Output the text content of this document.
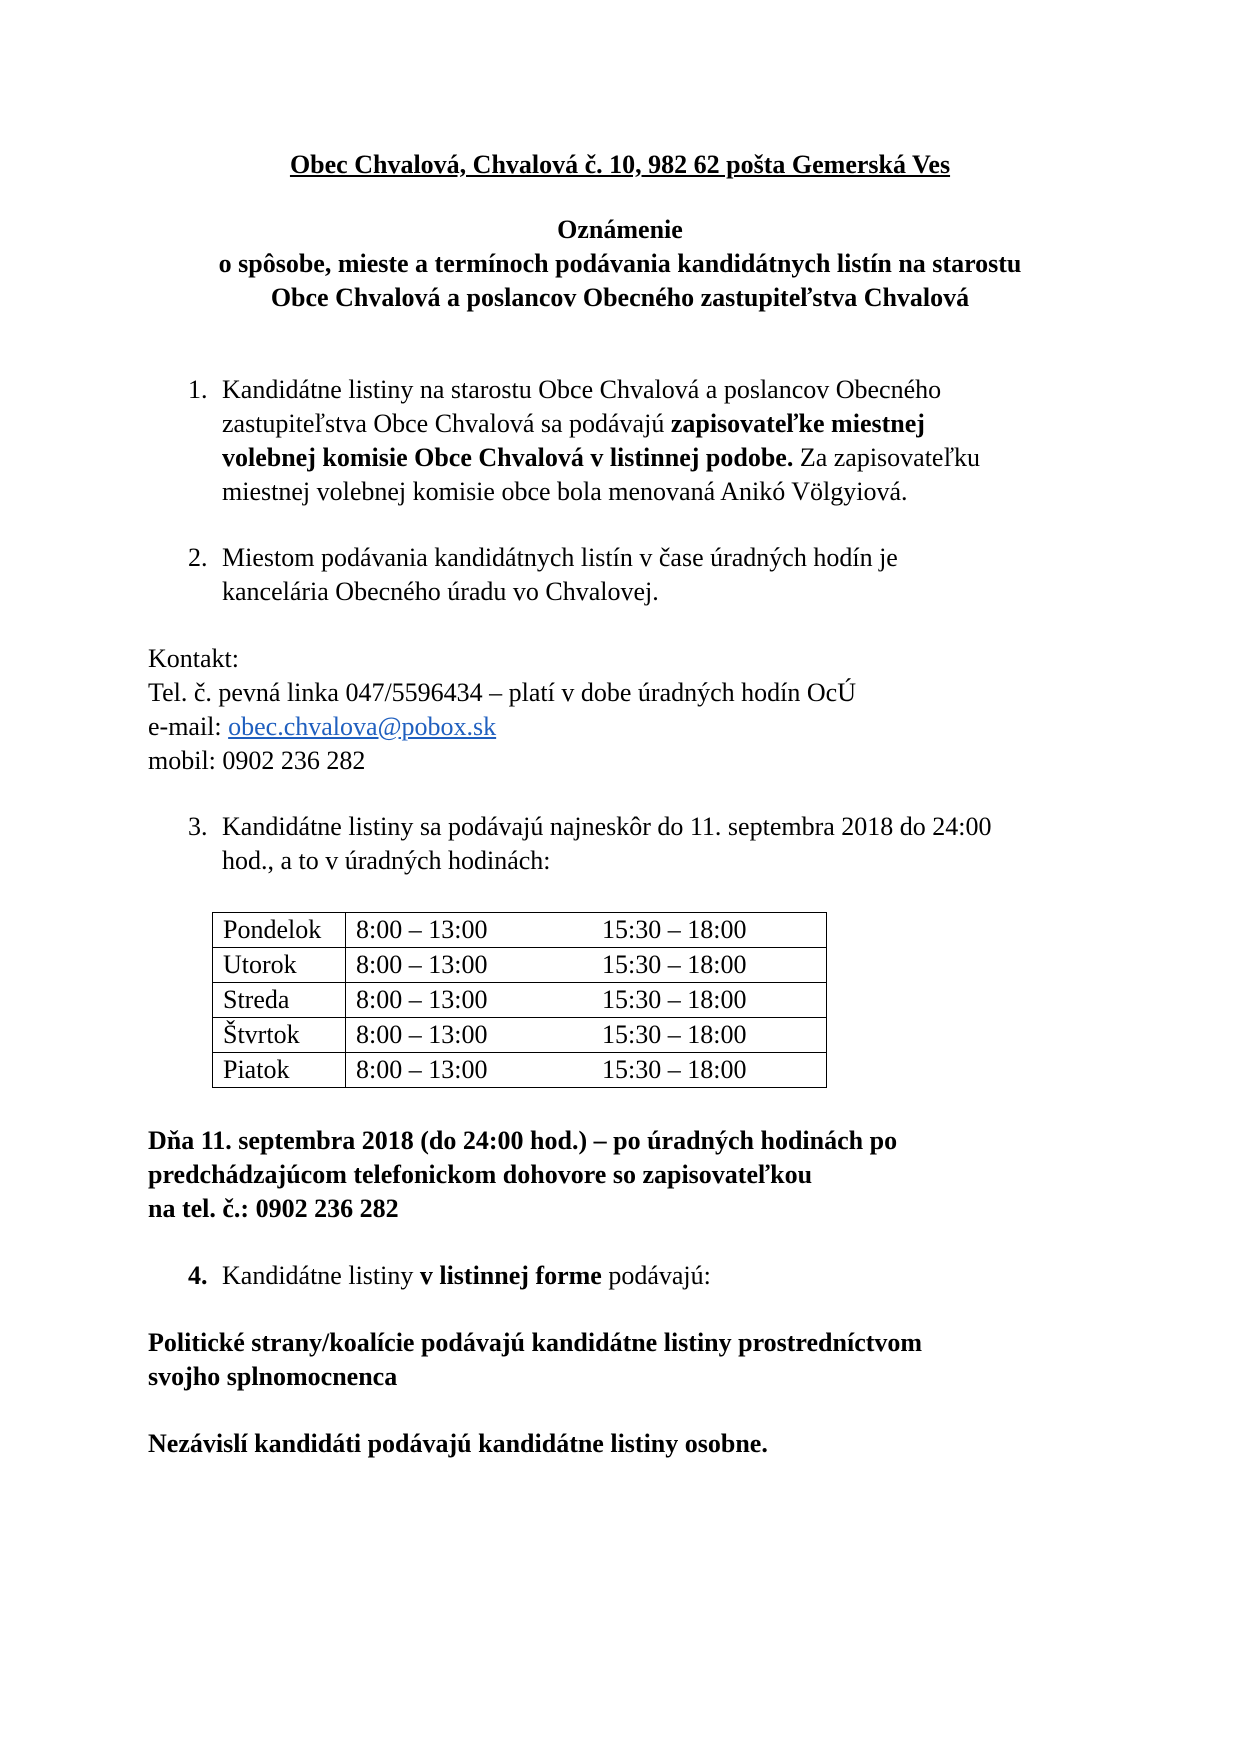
Obec Chvalová, Chvalová č. 10, 982 62 pošta Gemerská Ves
Oznámenie
o spôsobe, mieste a termínoch podávania kandidátnych listín na starostu
Obce Chvalová a poslancov Obecného zastupiteľstva Chvalová
1. Kandidátne listiny na starostu Obce Chvalová a poslancov Obecného
zastupiteľstva Obce Chvalová sa podávajú zapisovateľke miestnej
volebnej komisie Obce Chvalová v listinnej podobe. Za zapisovateľku
miestnej volebnej komisie obce bola menovaná Anikó Völgyiová.
2. Miestom podávania kandidátnych listín v čase úradných hodín je
kancelária Obecného úradu vo Chvalovej.
Kontakt:
Tel. č. pevná linka 047/5596434 – platí v dobe úradných hodín OcÚ
e-mail: obec.chvalova@pobox.sk
mobil: 0902 236 282
3. Kandidátne listiny sa podávajú najneskôr do 11. septembra 2018 do 24:00
hod., a to v úradných hodinách:
Pondelok	8:00 – 13:00 15:30 – 18:00
Utorok	8:00 – 13:00 15:30 – 18:00
Streda	8:00 – 13:00 15:30 – 18:00
Štvrtok	8:00 – 13:00 15:30 – 18:00
Piatok	8:00 – 13:00 15:30 – 18:00
Dňa 11. septembra 2018 (do 24:00 hod.) – po úradných hodinách po
predchádzajúcom telefonickom dohovore so zapisovateľkou
na tel. č.: 0902 236 282
4. Kandidátne listiny v listinnej forme podávajú:
Politické strany/koalície podávajú kandidátne listiny prostredníctvom
svojho splnomocnenca
Nezávislí kandidáti podávajú kandidátne listiny osobne.
